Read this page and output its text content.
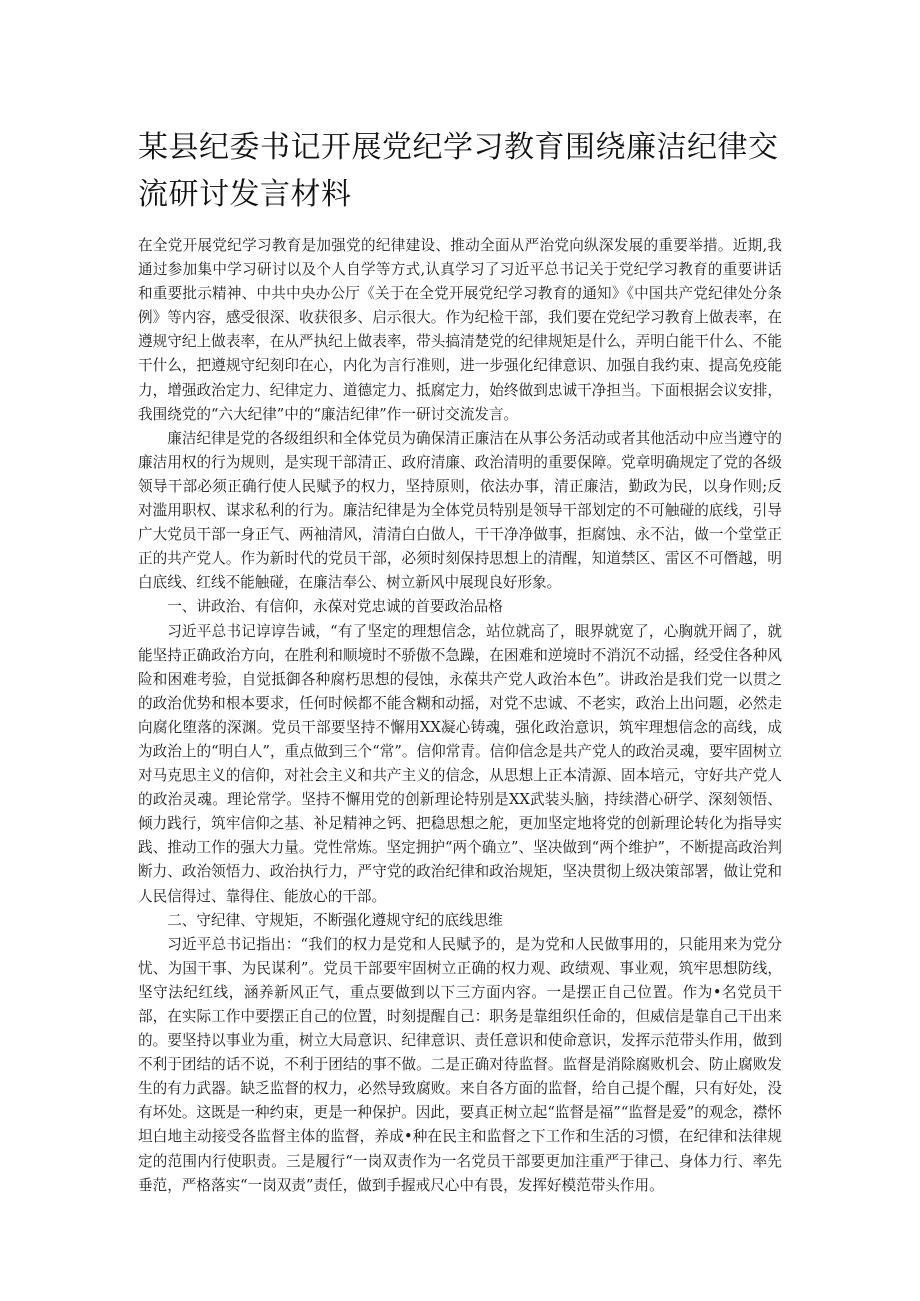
某县纪委书记开展党纪学习教育围绕廉洁纪律交流研讨发言材料

在全党开展党纪学习教育是加强党的纪律建设、推动全面从严治党向纵深发展的重要举措。近期,我通过参加集中学习研讨以及个人自学等方式,认真学习了习近平总书记关于党纪学习教育的重要讲话和重要批示精神、中共中央办公厅《关于在全党开展党纪学习教育的通知》《中国共产党纪律处分条例》等内容，感受很深、收获很多、启示很大。作为纪检干部，我们要在党纪学习教育上做表率，在遵规守纪上做表率，在从严执纪上做表率，带头搞清楚党的纪律规矩是什么，弄明白能干什么、不能干什么，把遵规守纪刻印在心，内化为言行准则，进一步强化纪律意识、加强自我约束、提高免疫能力，增强政治定力、纪律定力、道德定力、抵腐定力，始终做到忠诚干净担当。下面根据会议安排，我围绕党的“六大纪律”中的“廉洁纪律”作一研讨交流发言。

廉洁纪律是党的各级组织和全体党员为确保清正廉洁在从事公务活动或者其他活动中应当遵守的廉洁用权的行为规则，是实现干部清正、政府清廉、政治清明的重要保障。党章明确规定了党的各级领导干部必须正确行使人民赋予的权力，坚持原则，依法办事，清正廉洁，勤政为民，以身作则;反对滥用职权、谋求私利的行为。廉洁纪律是为全体党员特别是领导干部划定的不可触碰的底线，引导广大党员干部一身正气、两袖清风，清清白白做人，干干净净做事，拒腐蚀、永不沾，做一个堂堂正正的共产党人。作为新时代的党员干部，必须时刻保持思想上的清醒，知道禁区、雷区不可僭越，明白底线、红线不能触碰，在廉洁奉公、树立新风中展现良好形象。

一、讲政治、有信仰，永葆对党忠诚的首要政治品格

习近平总书记谆谆告诫，“有了坚定的理想信念，站位就高了，眼界就宽了，心胸就开阔了，就能坚持正确政治方向，在胜利和顺境时不骄傲不急躁，在困难和逆境时不消沉不动摇，经受住各种风险和困难考验，自觉抵御各种腐朽思想的侵蚀，永葆共产党人政治本色”。讲政治是我们党一以贯之的政治优势和根本要求，任何时候都不能含糊和动摇，对党不忠诚、不老实，政治上出问题，必然走向腐化堕落的深渊。党员干部要坚持不懈用XX凝心铸魂，强化政治意识，筑牢理想信念的高线，成为政治上的“明白人”，重点做到三个“常”。信仰常青。信仰信念是共产党人的政治灵魂，要牢固树立对马克思主义的信仰，对社会主义和共产主义的信念，从思想上正本清源、固本培元，守好共产党人的政治灵魂。理论常学。坚持不懈用党的创新理论特别是XX武装头脑，持续潜心研学、深刻领悟、倾力践行，筑牢信仰之基、补足精神之钙、把稳思想之舵，更加坚定地将党的创新理论转化为指导实践、推动工作的强大力量。党性常炼。坚定拥护“两个确立”、坚决做到“两个维护”，不断提高政治判断力、政治领悟力、政治执行力，严守党的政治纪律和政治规矩，坚决贯彻上级决策部署，做让党和人民信得过、靠得住、能放心的干部。

二、守纪律、守规矩，不断强化遵规守纪的底线思维

习近平总书记指出：“我们的权力是党和人民赋予的，是为党和人民做事用的，只能用来为党分忧、为国干事、为民谋利”。党员干部要牢固树立正确的权力观、政绩观、事业观，筑牢思想防线，坚守法纪红线，涵养新风正气，重点要做到以下三方面内容。一是摆正自己位置。作为•名党员干部，在实际工作中要摆正自己的位置，时刻提醒自己：职务是靠组织任命的，但威信是靠自己干出来的。要坚持以事业为重，树立大局意识、纪律意识、责任意识和使命意识，发挥示范带头作用，做到不利于团结的话不说，不利于团结的事不做。二是正确对待监督。监督是消除腐败机会、防止腐败发生的有力武器。缺乏监督的权力，必然导致腐败。来自各方面的监督，给自己提个醒，只有好处，没有坏处。这既是一种约束，更是一种保护。因此，要真正树立起“监督是福”“监督是爱”的观念，襟怀坦白地主动接受各监督主体的监督，养成•种在民主和监督之下工作和生活的习惯，在纪律和法律规定的范围内行使职责。三是履行“一岗双责作为一名党员干部要更加注重严于律己、身体力行、率先垂范，严格落实“一岗双责”责任，做到手握戒尺心中有畏，发挥好模范带头作用。
